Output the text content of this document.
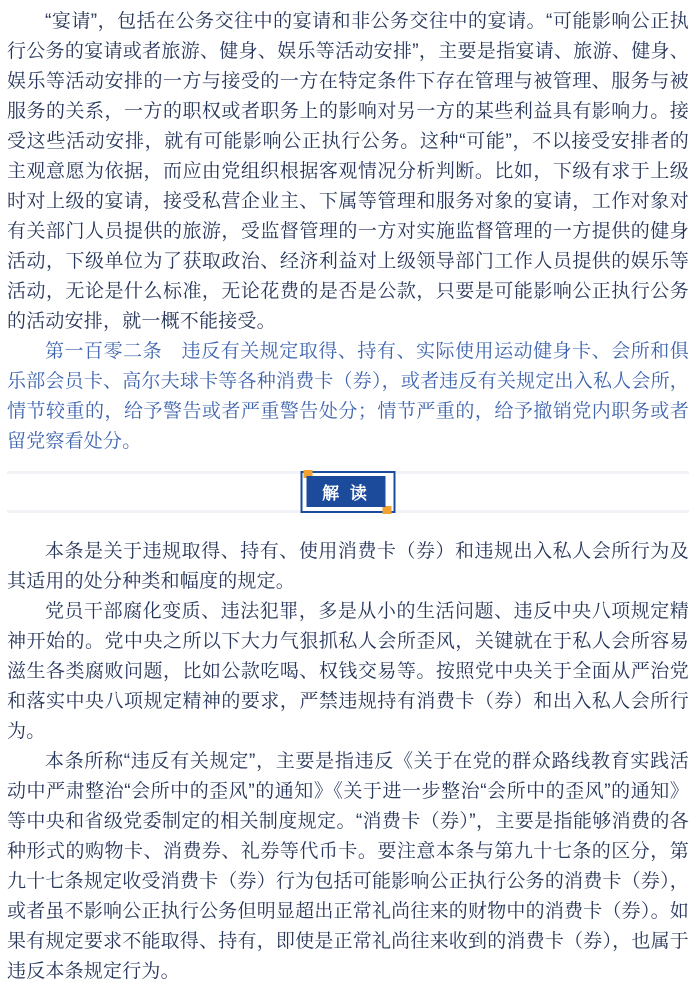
“宴请”，包括在公务交往中的宴请和非公务交往中的宴请。“可能影响公正执行公务的宴请或者旅游、健身、娱乐等活动安排”，主要是指宴请、旅游、健身、娱乐等活动安排的一方与接受的一方在特定条件下存在管理与被管理、服务与被服务的关系，一方的职权或者职务上的影响对另一方的某些利益具有影响力。接受这些活动安排，就有可能影响公正执行公务。这种“可能”，不以接受安排者的主观意愿为依据，而应由党组织根据客观情况分析判断。比如，下级有求于上级时对上级的宴请，接受私营企业主、下属等管理和服务对象的宴请，工作对象对有关部门人员提供的旅游，受监督管理的一方对实施监督管理的一方提供的健身活动，下级单位为了获取政治、经济利益对上级领导部门工作人员提供的娱乐等活动，无论是什么标准，无论花费的是否是公款，只要是可能影响公正执行公务的活动安排，就一概不能接受。

第一百零二条　违反有关规定取得、持有、实际使用运动健身卡、会所和俱乐部会员卡、高尔夫球卡等各种消费卡（券），或者违反有关规定出入私人会所，情节较重的，给予警告或者严重警告处分；情节严重的，给予撤销党内职务或者留党察看处分。

解 读

本条是关于违规取得、持有、使用消费卡（券）和违规出入私人会所行为及其适用的处分种类和幅度的规定。

党员干部腐化变质、违法犯罪，多是从小的生活问题、违反中央八项规定精神开始的。党中央之所以下大力气狠抓私人会所歪风，关键就在于私人会所容易滋生各类腐败问题，比如公款吃喝、权钱交易等。按照党中央关于全面从严治党和落实中央八项规定精神的要求，严禁违规持有消费卡（券）和出入私人会所行为。

本条所称“违反有关规定”，主要是指违反《关于在党的群众路线教育实践活动中严肃整治“会所中的歪风”的通知》《关于进一步整治“会所中的歪风”的通知》等中央和省级党委制定的相关制度规定。“消费卡（券）”，主要是指能够消费的各种形式的购物卡、消费券、礼券等代币卡。要注意本条与第九十七条的区分，第九十七条规定收受消费卡（券）行为包括可能影响公正执行公务的消费卡（券），或者虽不影响公正执行公务但明显超出正常礼尚往来的财物中的消费卡（券）。如果有规定要求不能取得、持有，即使是正常礼尚往来收到的消费卡（券），也属于违反本条规定行为。
